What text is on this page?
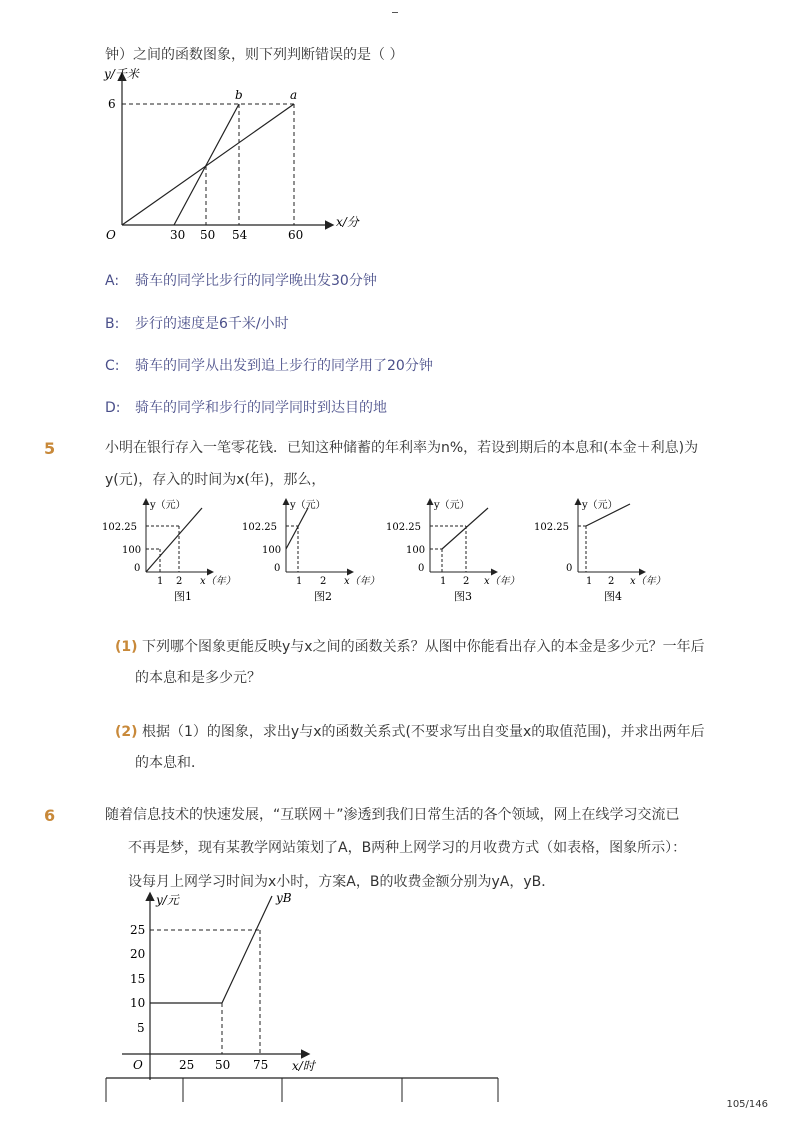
钟）之间的函数图象，则下列判断错误的是（ ）
y/千米
6
O	30 50 54	60
x/分
b	a
A: 骑车的同学比步行的同学晚出发30分钟
B: 步行的速度是6千米/小时
C: 骑车的同学从出发到追上步行的同学用了20分钟
D: 骑车的同学和步行的同学同时到达目的地
5	小明在银行存入一笔零花钱．已知这种储蓄的年利率为n%，若设到期后的本息和(本金＋利息)为
y(元)，存入的时间为x(年)，那么，
y（元）
102.25
100
0
1 2 x（年）
图1
y（元）
102.25
100
0
1 2 x（年）
图2
y（元）
102.25
100
0
1 2 x（年）
图3
y（元）
102.25
0
1 2 x（年）
图4
(1) 下列哪个图象更能反映y与x之间的函数关系？从图中你能看出存入的本金是多少元？一年后
的本息和是多少元？
(2) 根据（1）的图象，求出y与x的函数关系式(不要求写出自变量x的取值范围)，并求出两年后
的本息和．
6	随着信息技术的快速发展，“互联网＋”渗透到我们日常生活的各个领域，网上在线学习交流已
不再是梦，现有某教学网站策划了A，B两种上网学习的月收费方式（如表格，图象所示）：
设每月上网学习时间为x小时，方案A，B的收费金额分别为yA，yB．
y/元	yB
25
20
15
10
5
O	25 50 75 x/时
105/146
